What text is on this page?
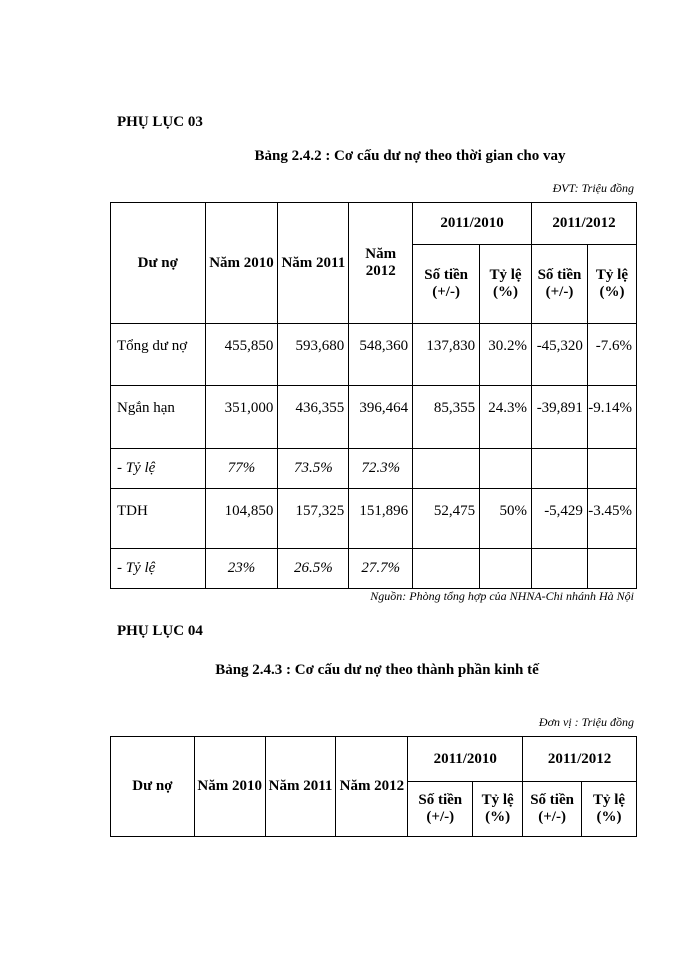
PHỤ LỤC 03
Bảng 2.4.2 : Cơ cấu dư nợ theo thời gian cho vay
ĐVT: Triệu đồng
Dư nợ	Năm 2010	Năm 2011	Năm 2012	2011/2010		2011/2012	
				Số tiền (+/-)	Tỷ lệ (%)	Số tiền (+/-)	Tỷ lệ (%)
Tổng dư nợ	455,850	593,680	548,360	137,830	30.2%	-45,320	-7.6%
Ngắn hạn	351,000	436,355	396,464	85,355	24.3%	-39,891	-9.14%
- Tỷ lệ	77%	73.5%	72.3%				
TDH	104,850	157,325	151,896	52,475	50%	-5,429	-3.45%
- Tỷ lệ	23%	26.5%	27.7%				
Nguồn: Phòng tổng hợp của NHNA-Chi nhánh Hà Nội
PHỤ LỤC 04
Bảng 2.4.3 : Cơ cấu dư nợ theo thành phần kinh tế
Đơn vị : Triệu đồng
Dư nợ	Năm 2010	Năm 2011	Năm 2012	2011/2010		2011/2012	
				Số tiền (+/-)	Tỷ lệ (%)	Số tiền (+/-)	Tỷ lệ (%)
